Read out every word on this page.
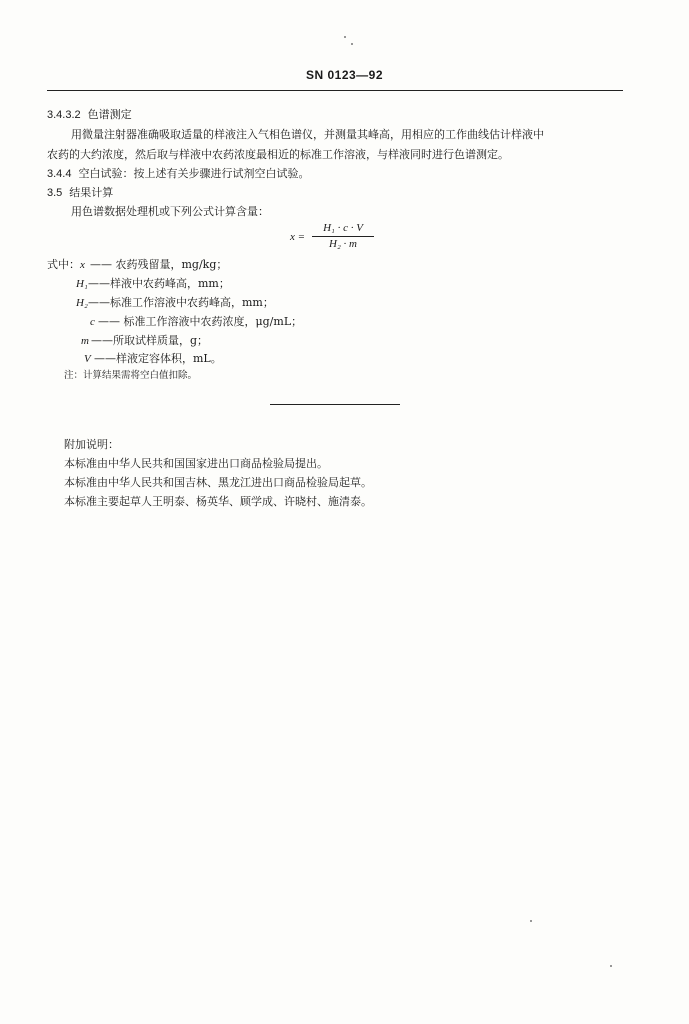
SN 0123—92
3.4.3.2 色谱测定
用微量注射器准确吸取适量的样液注入气相色谱仪，并测量其峰高，用相应的工作曲线估计样液中
农药的大约浓度，然后取与样液中农药浓度最相近的标准工作溶液，与样液同时进行色谱测定。
3.4.4 空白试验：按上述有关步骤进行试剂空白试验。
3.5 结果计算
用色谱数据处理机或下列公式计算含量：
$x = \frac{\text{H₁ · c · V}}{\text{H₂ · m}}$
式中：x —— 农药残留量，mg/kg；
H₁——样液中农药峰高，mm；
H₂——标准工作溶液中农药峰高，mm；
c —— 标准工作溶液中农药浓度，μg/mL；
m ——所取试样质量，g；
V ——样液定容体积，mL。
注：计算结果需将空白值扣除。
附加说明：
本标准由中华人民共和国国家进出口商品检验局提出。
本标准由中华人民共和国吉林、黑龙江进出口商品检验局起草。
本标准主要起草人王明泰、杨英华、顾学成、许晓村、施清泰。
